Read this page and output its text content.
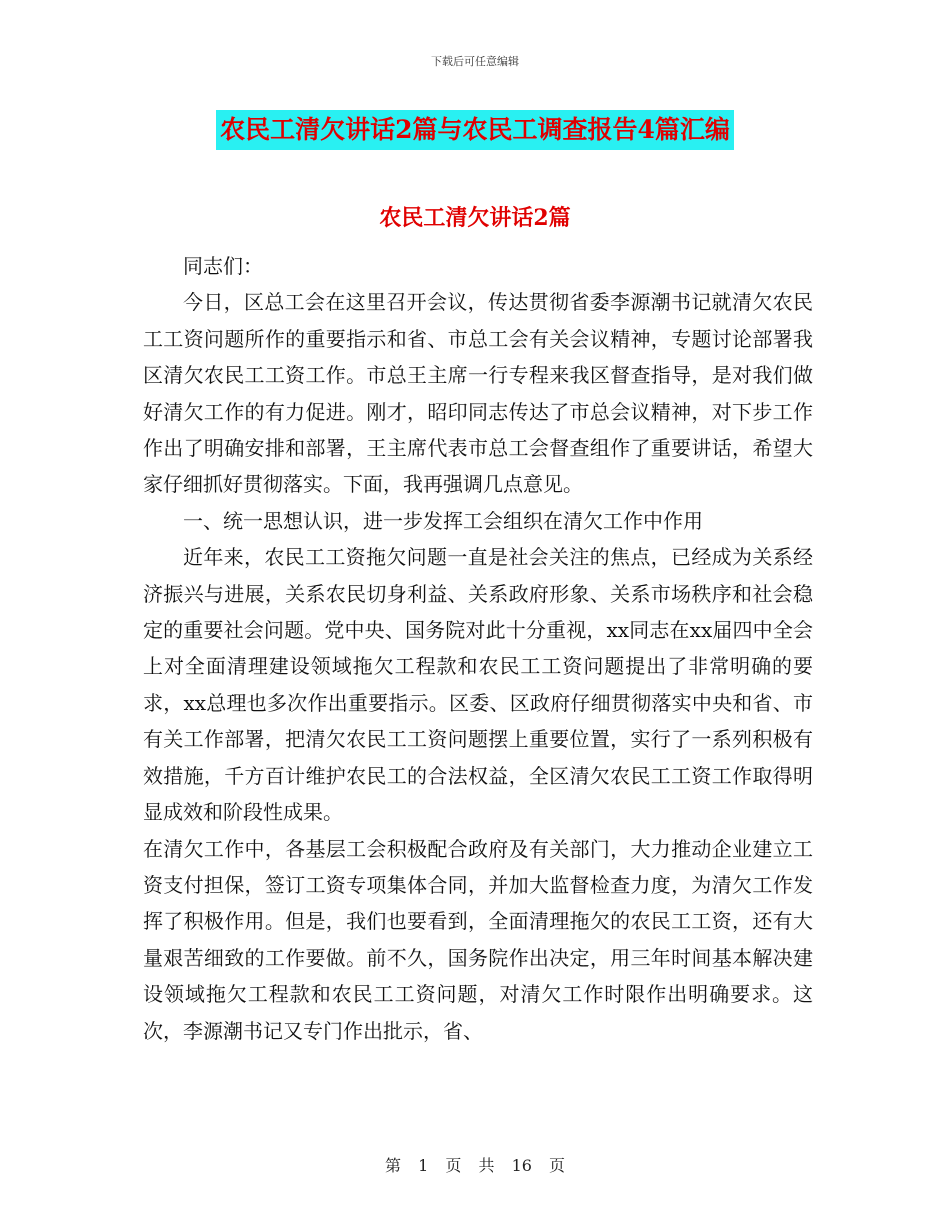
下载后可任意编辑
农民工清欠讲话2篇与农民工调查报告4篇汇编
农民工清欠讲话2篇

同志们：

今日，区总工会在这里召开会议，传达贯彻省委李源潮书记就清欠农民工工资问题所作的重要指示和省、市总工会有关会议精神，专题讨论部署我区清欠农民工工资工作。市总王主席一行专程来我区督查指导，是对我们做好清欠工作的有力促进。刚才，昭印同志传达了市总会议精神，对下步工作作出了明确安排和部署，王主席代表市总工会督查组作了重要讲话，希望大家仔细抓好贯彻落实。下面，我再强调几点意见。

一、统一思想认识，进一步发挥工会组织在清欠工作中作用

近年来，农民工工资拖欠问题一直是社会关注的焦点，已经成为关系经济振兴与进展，关系农民切身利益、关系政府形象、关系市场秩序和社会稳定的重要社会问题。党中央、国务院对此十分重视，xx同志在xx届四中全会上对全面清理建设领域拖欠工程款和农民工工资问题提出了非常明确的要求，xx总理也多次作出重要指示。区委、区政府仔细贯彻落实中央和省、市有关工作部署，把清欠农民工工资问题摆上重要位置，实行了一系列积极有效措施，千方百计维护农民工的合法权益，全区清欠农民工工资工作取得明显成效和阶段性成果。

在清欠工作中，各基层工会积极配合政府及有关部门，大力推动企业建立工资支付担保，签订工资专项集体合同，并加大监督检查力度，为清欠工作发挥了积极作用。但是，我们也要看到，全面清理拖欠的农民工工资，还有大量艰苦细致的工作要做。前不久，国务院作出决定，用三年时间基本解决建设领域拖欠工程款和农民工工资问题，对清欠工作时限作出明确要求。这次，李源潮书记又专门作出批示，省、

第 1 页 共 16 页
